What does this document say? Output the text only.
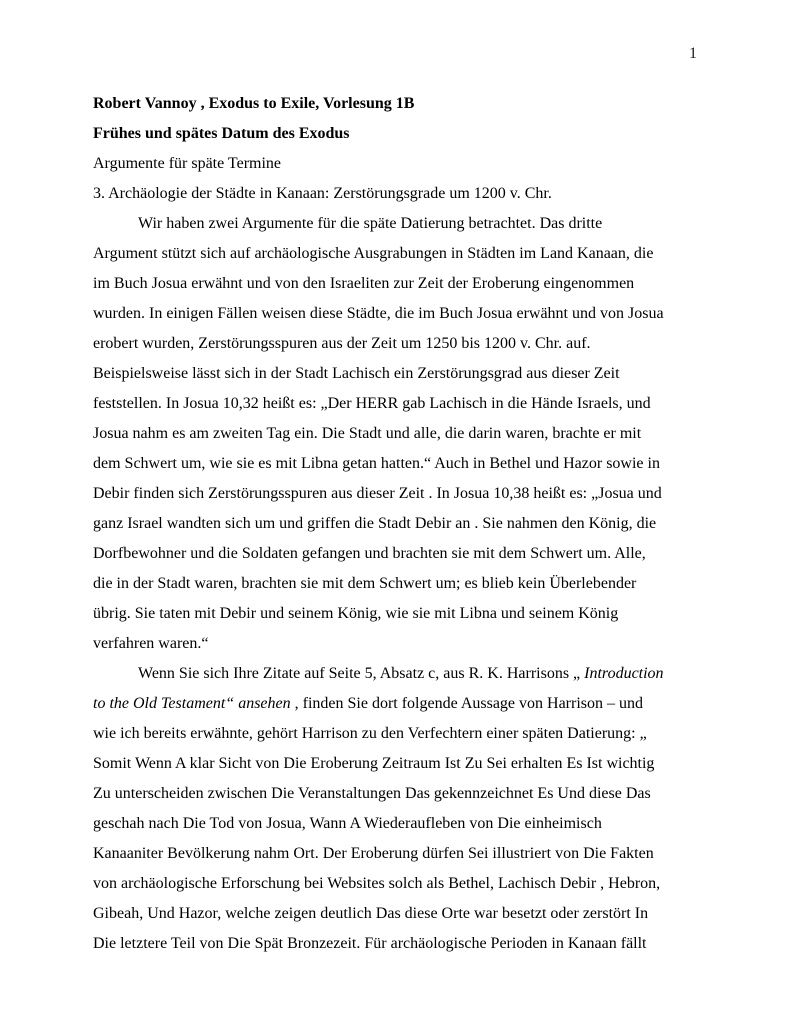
1
Robert Vannoy , Exodus to Exile, Vorlesung 1B
Frühes und spätes Datum des Exodus
Argumente für späte Termine
3. Archäologie der Städte in Kanaan: Zerstörungsgrade um 1200 v. Chr.
Wir haben zwei Argumente für die späte Datierung betrachtet. Das dritte
Argument stützt sich auf archäologische Ausgrabungen in Städten im Land Kanaan, die
im Buch Josua erwähnt und von den Israeliten zur Zeit der Eroberung eingenommen
wurden. In einigen Fällen weisen diese Städte, die im Buch Josua erwähnt und von Josua
erobert wurden, Zerstörungsspuren aus der Zeit um 1250 bis 1200 v. Chr. auf.
Beispielsweise lässt sich in der Stadt Lachisch ein Zerstörungsgrad aus dieser Zeit
feststellen. In Josua 10,32 heißt es: „Der HERR gab Lachisch in die Hände Israels, und
Josua nahm es am zweiten Tag ein. Die Stadt und alle, die darin waren, brachte er mit
dem Schwert um, wie sie es mit Libna getan hatten.“ Auch in Bethel und Hazor sowie in
Debir finden sich Zerstörungsspuren aus dieser Zeit . In Josua 10,38 heißt es: „Josua und
ganz Israel wandten sich um und griffen die Stadt Debir an . Sie nahmen den König, die
Dorfbewohner und die Soldaten gefangen und brachten sie mit dem Schwert um. Alle,
die in der Stadt waren, brachten sie mit dem Schwert um; es blieb kein Überlebender
übrig. Sie taten mit Debir und seinem König, wie sie mit Libna und seinem König
verfahren waren.“
Wenn Sie sich Ihre Zitate auf Seite 5, Absatz c, aus R. K. Harrisons „ Introduction
to the Old Testament“ ansehen , finden Sie dort folgende Aussage von Harrison – und
wie ich bereits erwähnte, gehört Harrison zu den Verfechtern einer späten Datierung: „
Somit Wenn A klar Sicht von Die Eroberung Zeitraum Ist Zu Sei erhalten Es Ist wichtig
Zu unterscheiden zwischen Die Veranstaltungen Das gekennzeichnet Es Und diese Das
geschah nach Die Tod von Josua, Wann A Wiederaufleben von Die einheimisch
Kanaaniter Bevölkerung nahm Ort. Der Eroberung dürfen Sei illustriert von Die Fakten
von archäologische Erforschung bei Websites solch als Bethel, Lachisch Debir , Hebron,
Gibeah, Und Hazor, welche zeigen deutlich Das diese Orte war besetzt oder zerstört In
Die letztere Teil von Die Spät Bronzezeit. Für archäologische Perioden in Kanaan fällt
